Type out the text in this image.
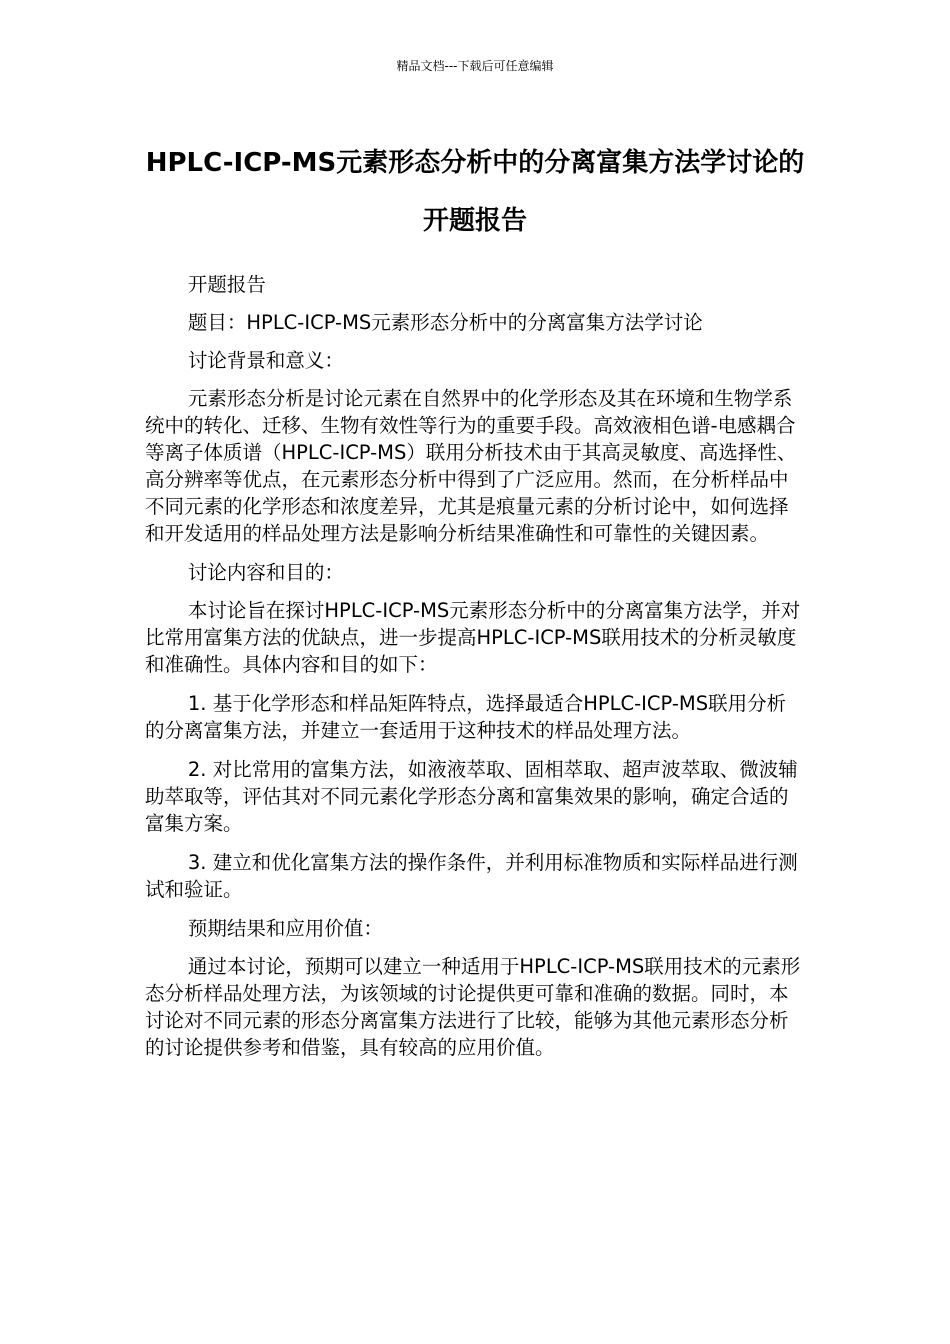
精品文档---下载后可任意编辑
HPLC-ICP-MS元素形态分析中的分离富集方法学讨论的开题报告

开题报告

题目：HPLC-ICP-MS元素形态分析中的分离富集方法学讨论

讨论背景和意义：

元素形态分析是讨论元素在自然界中的化学形态及其在环境和生物学系统中的转化、迁移、生物有效性等行为的重要手段。高效液相色谱-电感耦合等离子体质谱（HPLC-ICP-MS）联用分析技术由于其高灵敏度、高选择性、高分辨率等优点，在元素形态分析中得到了广泛应用。然而，在分析样品中不同元素的化学形态和浓度差异，尤其是痕量元素的分析讨论中，如何选择和开发适用的样品处理方法是影响分析结果准确性和可靠性的关键因素。

讨论内容和目的：

本讨论旨在探讨HPLC-ICP-MS元素形态分析中的分离富集方法学，并对比常用富集方法的优缺点，进一步提高HPLC-ICP-MS联用技术的分析灵敏度和准确性。具体内容和目的如下：

1. 基于化学形态和样品矩阵特点，选择最适合HPLC-ICP-MS联用分析的分离富集方法，并建立一套适用于这种技术的样品处理方法。

2. 对比常用的富集方法，如液液萃取、固相萃取、超声波萃取、微波辅助萃取等，评估其对不同元素化学形态分离和富集效果的影响，确定合适的富集方案。

3. 建立和优化富集方法的操作条件，并利用标准物质和实际样品进行测试和验证。

预期结果和应用价值：

通过本讨论，预期可以建立一种适用于HPLC-ICP-MS联用技术的元素形态分析样品处理方法，为该领域的讨论提供更可靠和准确的数据。同时，本讨论对不同元素的形态分离富集方法进行了比较，能够为其他元素形态分析的讨论提供参考和借鉴，具有较高的应用价值。
